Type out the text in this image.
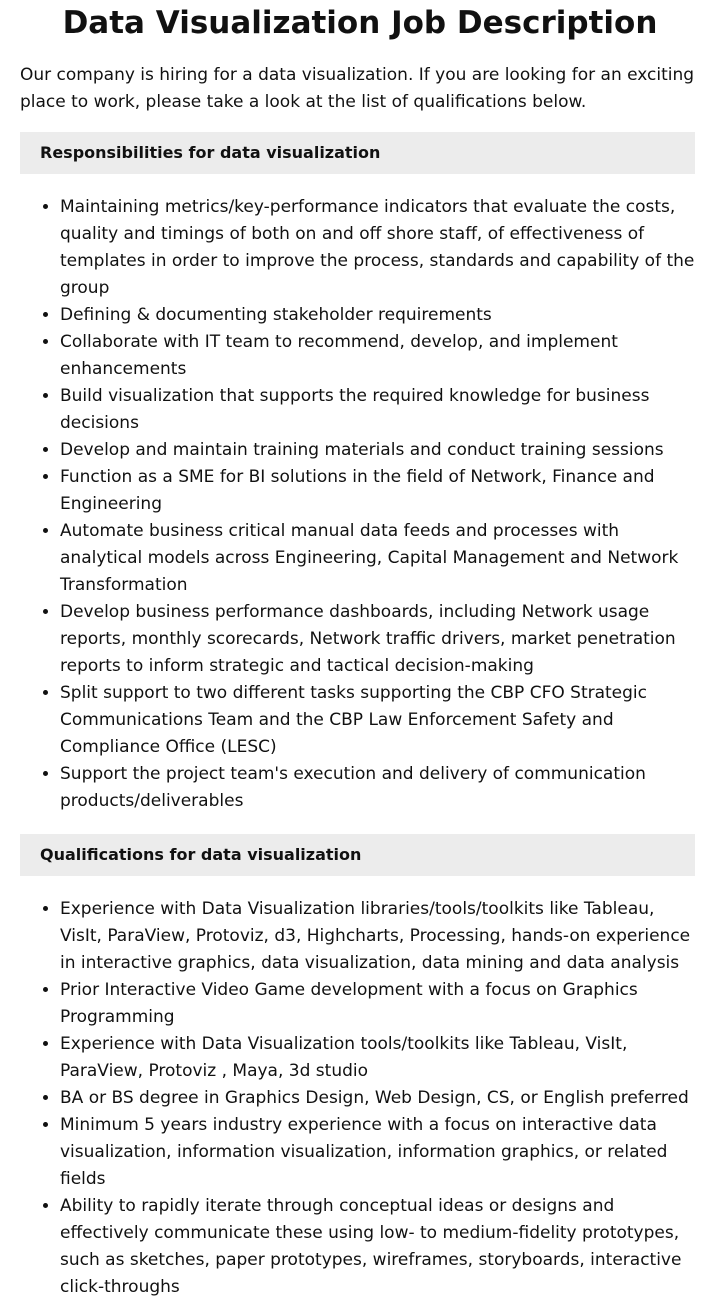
Data Visualization Job Description

Our company is hiring for a data visualization. If you are looking for an exciting place to work, please take a look at the list of qualifications below.

Responsibilities for data visualization
• Maintaining metrics/key-performance indicators that evaluate the costs, quality and timings of both on and off shore staff, of effectiveness of templates in order to improve the process, standards and capability of the group
• Defining & documenting stakeholder requirements
• Collaborate with IT team to recommend, develop, and implement enhancements
• Build visualization that supports the required knowledge for business decisions
• Develop and maintain training materials and conduct training sessions
• Function as a SME for BI solutions in the field of Network, Finance and Engineering
• Automate business critical manual data feeds and processes with analytical models across Engineering, Capital Management and Network Transformation
• Develop business performance dashboards, including Network usage reports, monthly scorecards, Network traffic drivers, market penetration reports to inform strategic and tactical decision-making
• Split support to two different tasks supporting the CBP CFO Strategic Communications Team and the CBP Law Enforcement Safety and Compliance Office (LESC)
• Support the project team's execution and delivery of communication products/deliverables
Qualifications for data visualization
• Experience with Data Visualization libraries/tools/toolkits like Tableau, VisIt, ParaView, Protoviz, d3, Highcharts, Processing, hands-on experience in interactive graphics, data visualization, data mining and data analysis
• Prior Interactive Video Game development with a focus on Graphics Programming
• Experience with Data Visualization tools/toolkits like Tableau, VisIt, ParaView, Protoviz , Maya, 3d studio
• BA or BS degree in Graphics Design, Web Design, CS, or English preferred
• Minimum 5 years industry experience with a focus on interactive data visualization, information visualization, information graphics, or related fields
• Ability to rapidly iterate through conceptual ideas or designs and effectively communicate these using low- to medium-fidelity prototypes, such as sketches, paper prototypes, wireframes, storyboards, interactive click-throughs
